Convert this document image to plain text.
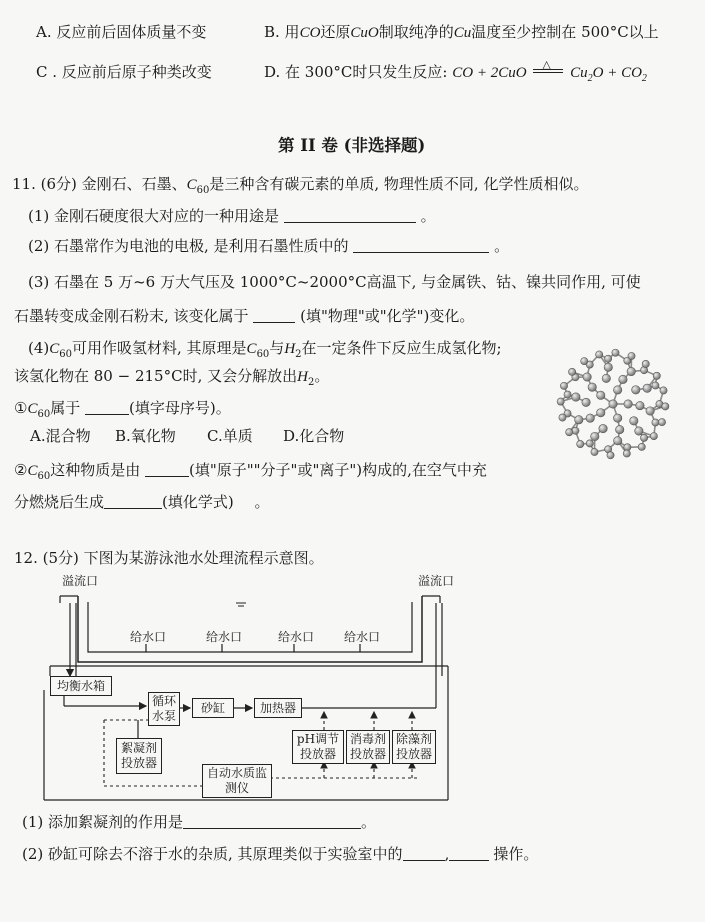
A. 反应前后固体质量不变	B. 用CO还原CuO制取纯净的Cu温度至少控制在 500°C以上
C . 反应前后原子种类改变	D. 在 300°C时只发生反应: CO + 2CuO
△
$Cu_2O + CO_2$
第 II 卷 (非选择题)
11. (6分) 金刚石、石墨、$C_{60}$是三种含有碳元素的单质, 物理性质不同, 化学性质相似。
(1) 金刚石硬度很大对应的一种用途是	。
(2) 石墨常作为电池的电极, 是利用石墨性质中的	。
(3) 石墨在 5 万~6 万大气压及 1000°C~2000°C高温下, 与金属铁、钴、镍共同作用, 可使
石墨转变成金刚石粉末, 该变化属于	(填"物理"或"化学")变化。
$(4)C_{60}$可用作吸氢材料, 其原理是$C_{60}$与$H_2$在一定条件下反应生成氢化物;
该氢化物在 80 − 215°C时, 又会分解放出$H_2$。
$①C_{60}$属于	(填字母序号)。
A.混合物 B.氧化物 C.单质 D.化合物
$②C_{60}$这种物质是由	(填"原子""分子"或"离子")构成的,在空气中充
分燃烧后生成	(填化学式) 。
12. (5分) 下图为某游泳池水处理流程示意图。
溢流口	溢流口
给水口	给水口	给水口 给水口
均衡水箱
循环水泵
砂缸	加热器
絮凝剂投放器
自动水质监测仪
pH调节投放器
消毒剂投放器
除藻剂投放器
(1) 添加絮凝剂的作用是	。
(2) 砂缸可除去不溶于水的杂质, 其原理类似于实验室中的	,	操作。
